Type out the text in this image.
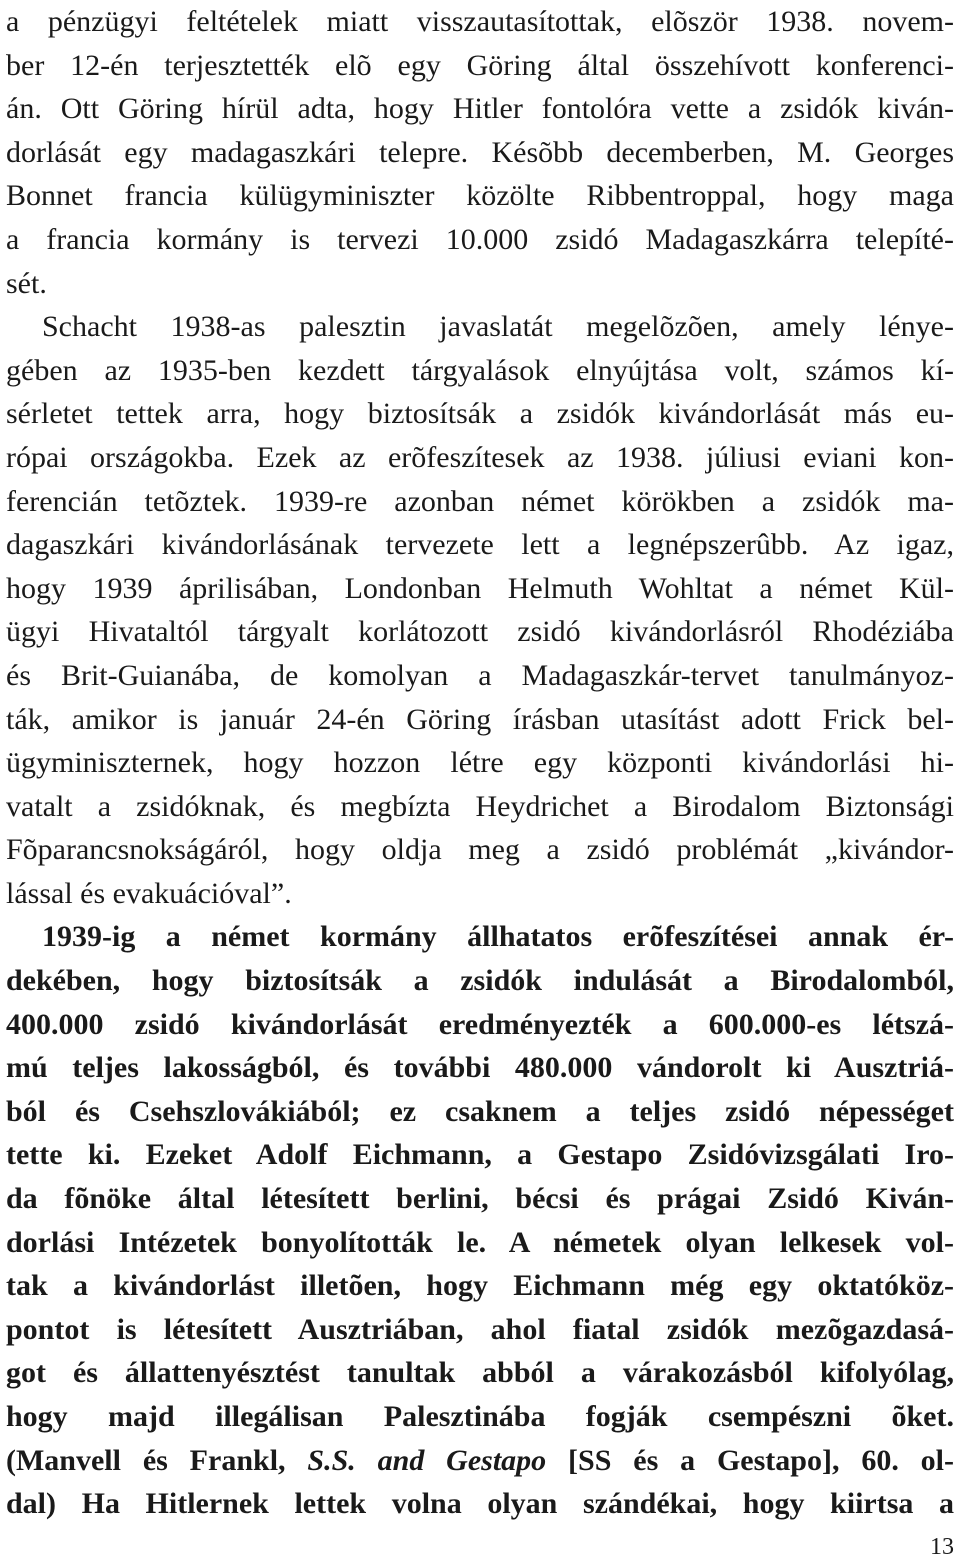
a pénzügyi feltételek miatt visszautasítottak, elõször 1938. novem-
ber 12-én terjesztették elõ egy Göring által összehívott konferenci-
án. Ott Göring hírül adta, hogy Hitler fontolóra vette a zsidók kiván-
dorlását egy madagaszkári telepre. Késõbb decemberben, M. Georges
Bonnet francia külügyminiszter közölte Ribbentroppal, hogy maga
a francia kormány is tervezi 10.000 zsidó Madagaszkárra telepíté-
sét.
Schacht 1938-as palesztin javaslatát megelõzõen, amely lénye-
gében az 1935-ben kezdett tárgyalások elnyújtása volt, számos kí-
sérletet tettek arra, hogy biztosítsák a zsidók kivándorlását más eu-
rópai országokba. Ezek az erõfeszítesek az 1938. júliusi eviani kon-
ferencián tetõztek. 1939-re azonban német körökben a zsidók ma-
dagaszkári kivándorlásának tervezete lett a legnépszerûbb. Az igaz,
hogy 1939 áprilisában, Londonban Helmuth Wohltat a német Kül-
ügyi Hivataltól tárgyalt korlátozott zsidó kivándorlásról Rhodéziába
és Brit-Guianába, de komolyan a Madagaszkár-tervet tanulmányoz-
ták, amikor is január 24-én Göring írásban utasítást adott Frick bel-
ügyminiszternek, hogy hozzon létre egy központi kivándorlási hi-
vatalt a zsidóknak, és megbízta Heydrichet a Birodalom Biztonsági
Fõparancsnokságáról, hogy oldja meg a zsidó problémát „kivándor-
lással és evakuációval”.
1939-ig a német kormány állhatatos erõfeszítései annak ér-
dekében, hogy biztosítsák a zsidók indulását a Birodalomból,
400.000 zsidó kivándorlását eredményezték a 600.000-es létszá-
mú teljes lakosságból, és további 480.000 vándorolt ki Ausztriá-
ból és Csehszlovákiából; ez csaknem a teljes zsidó népességet
tette ki. Ezeket Adolf Eichmann, a Gestapo Zsidóvizsgálati Iro-
da fõnöke által létesített berlini, bécsi és prágai Zsidó Kiván-
dorlási Intézetek bonyolították le. A németek olyan lelkesek vol-
tak a kivándorlást illetõen, hogy Eichmann még egy oktatóköz-
pontot is létesített Ausztriában, ahol fiatal zsidók mezõgazdasá-
got és állattenyésztést tanultak abból a várakozásból kifolyólag,
hogy majd illegálisan Palesztinába fogják csempészni õket.
(Manvell és Frankl, S.S. and Gestapo [SS és a Gestapo], 60. ol-
dal) Ha Hitlernek lettek volna olyan szándékai, hogy kiirtsa a
13
